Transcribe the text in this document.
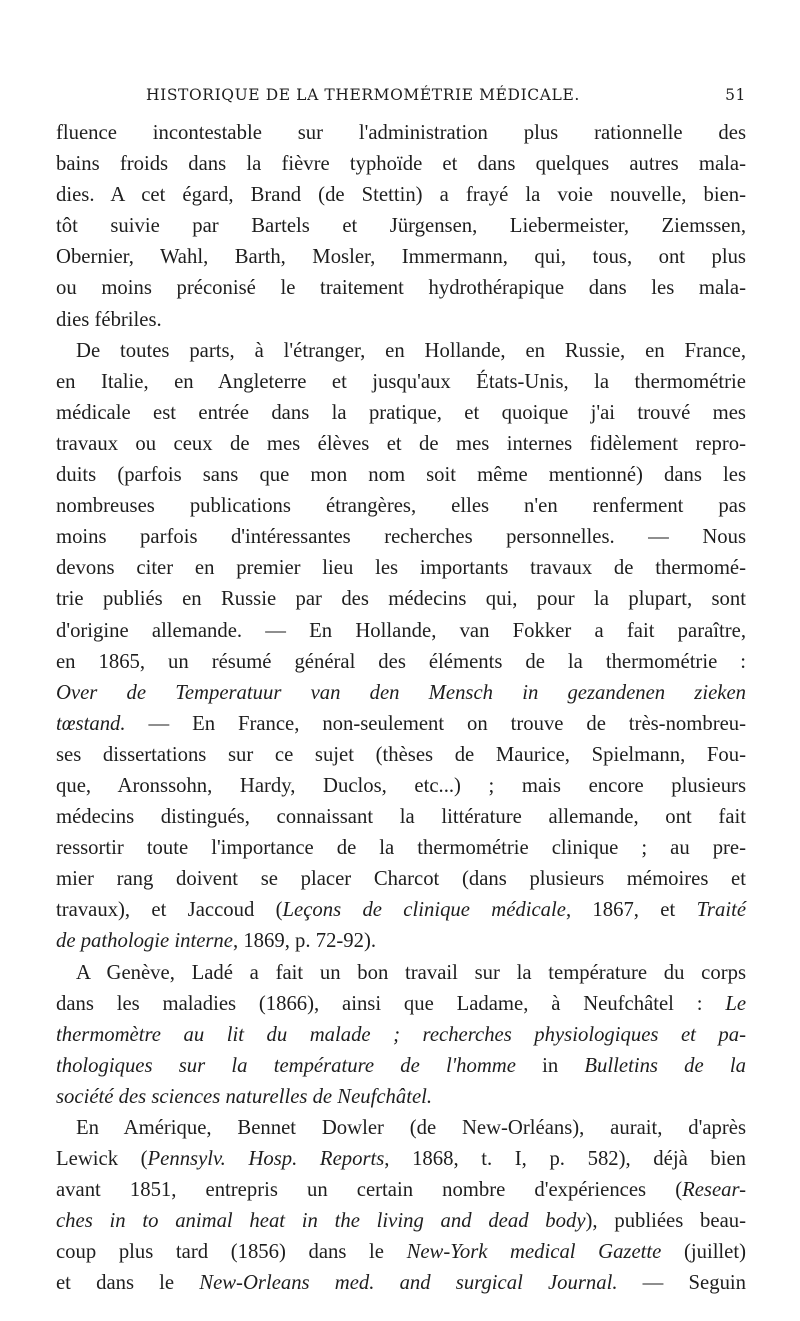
HISTORIQUE DE LA THERMOMÉTRIE MÉDICALE.	51
fluence incontestable sur l'administration plus rationnelle des
bains froids dans la fièvre typhoïde et dans quelques autres mala-
dies. A cet égard, Brand (de Stettin) a frayé la voie nouvelle, bien-
tôt suivie par Bartels et Jürgensen, Liebermeister, Ziemssen,
Obernier, Wahl, Barth, Mosler, Immermann, qui, tous, ont plus
ou moins préconisé le traitement hydrothérapique dans les mala-
dies fébriles.
De toutes parts, à l'étranger, en Hollande, en Russie, en France,
en Italie, en Angleterre et jusqu'aux États-Unis, la thermométrie
médicale est entrée dans la pratique, et quoique j'ai trouvé mes
travaux ou ceux de mes élèves et de mes internes fidèlement repro-
duits (parfois sans que mon nom soit même mentionné) dans les
nombreuses publications étrangères, elles n'en renferment pas
moins parfois d'intéressantes recherches personnelles. — Nous
devons citer en premier lieu les importants travaux de thermomé-
trie publiés en Russie par des médecins qui, pour la plupart, sont
d'origine allemande. — En Hollande, van Fokker a fait paraître,
en 1865, un résumé général des éléments de la thermométrie :
Over de Temperatuur van den Mensch in gezandenen zieken
tœstand. — En France, non-seulement on trouve de très-nombreu-
ses dissertations sur ce sujet (thèses de Maurice, Spielmann, Fou-
que, Aronssohn, Hardy, Duclos, etc...) ; mais encore plusieurs
médecins distingués, connaissant la littérature allemande, ont fait
ressortir toute l'importance de la thermométrie clinique ; au pre-
mier rang doivent se placer Charcot (dans plusieurs mémoires et
travaux), et Jaccoud (Leçons de clinique médicale, 1867, et Traité
de pathologie interne, 1869, p. 72-92).
A Genève, Ladé a fait un bon travail sur la température du corps
dans les maladies (1866), ainsi que Ladame, à Neufchâtel : Le
thermomètre au lit du malade ; recherches physiologiques et pa-
thologiques sur la température de l'homme in Bulletins de la
société des sciences naturelles de Neufchâtel.
En Amérique, Bennet Dowler (de New-Orléans), aurait, d'après
Lewick (Pennsylv. Hosp. Reports, 1868, t. I, p. 582), déjà bien
avant 1851, entrepris un certain nombre d'expériences (Resear-
ches in to animal heat in the living and dead body), publiées beau-
coup plus tard (1856) dans le New-York medical Gazette (juillet)
et dans le New-Orleans med. and surgical Journal. — Seguin
